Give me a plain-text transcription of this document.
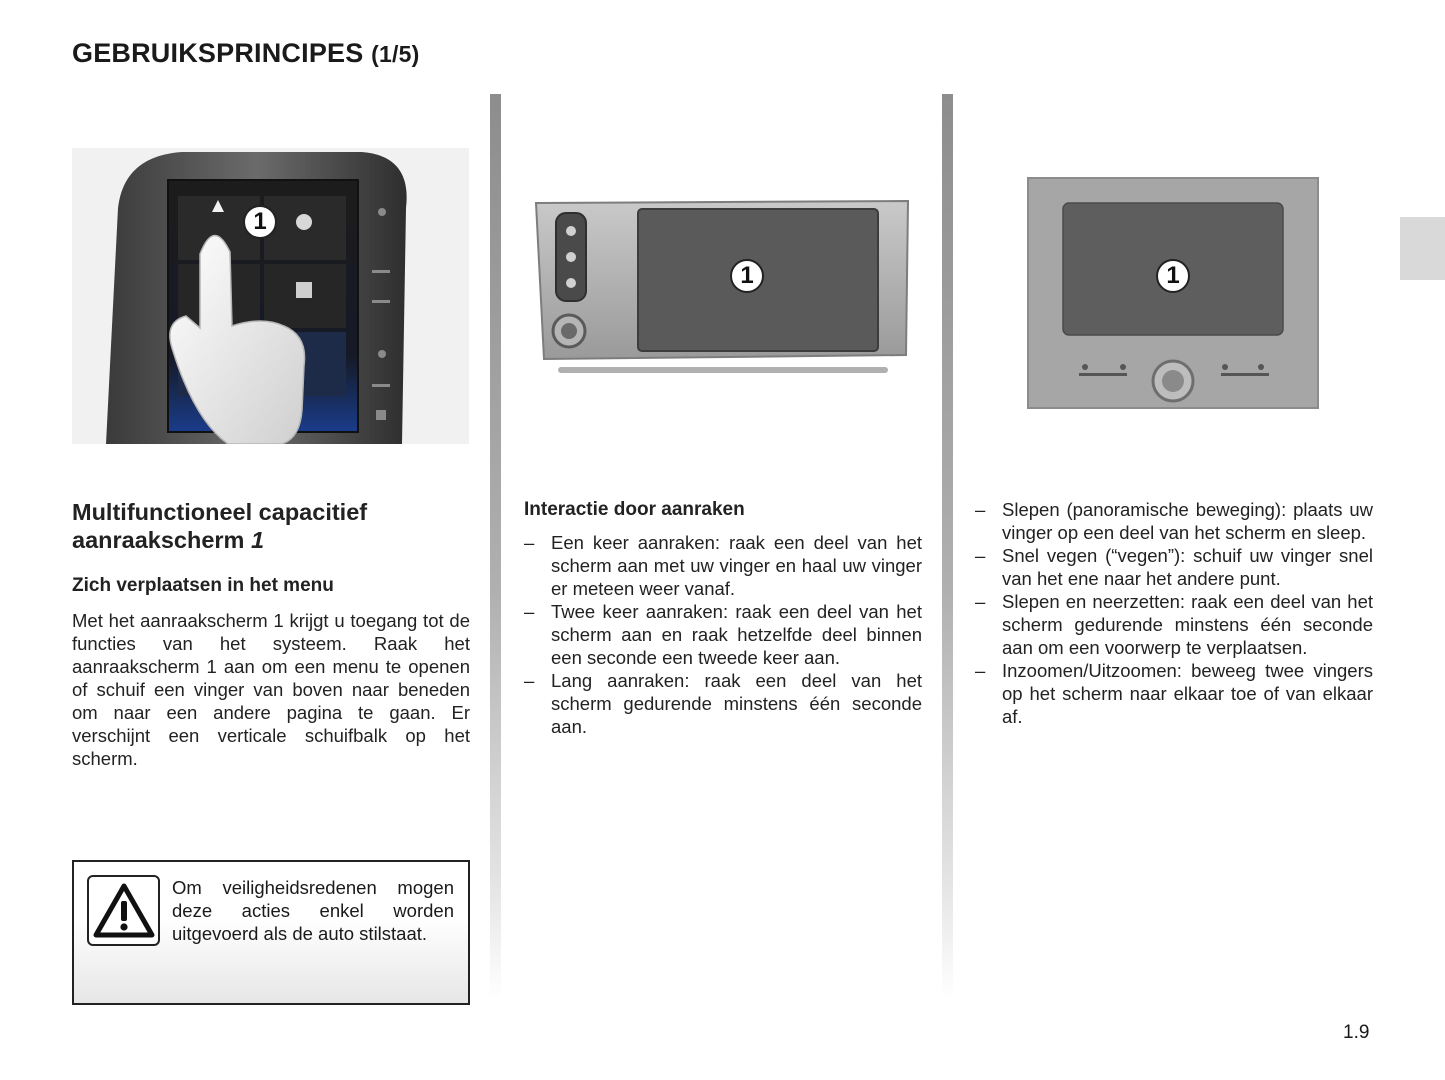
GEBRUIKSPRINCIPES (1/5)
1
1	1
Multifunctioneel capacitief aanraakscherm 1
Zich verplaatsen in het menu

Met het aanraakscherm 1 krijgt u toegang tot de functies van het systeem. Raak het aanraakscherm 1 aan om een menu te openen of schuif een vinger van boven naar beneden om naar een andere pagina te gaan. Er verschijnt een verticale schuifbalk op het scherm.

Interactie door aanraken
– Een keer aanraken: raak een deel van het scherm aan met uw vinger en haal uw vinger er meteen weer vanaf.
– Twee keer aanraken: raak een deel van het scherm aan en raak hetzelfde deel binnen een seconde een tweede keer aan.
– Lang aanraken: raak een deel van het scherm gedurende minstens één seconde aan.
– Slepen (panoramische beweging): plaats uw vinger op een deel van het scherm en sleep.
– Snel vegen (“vegen”): schuif uw vinger snel van het ene naar het andere punt.
– Slepen en neerzetten: raak een deel van het scherm gedurende minstens één seconde aan om een voorwerp te verplaatsen.
– Inzoomen/Uitzoomen: beweeg twee vingers op het scherm naar elkaar toe of van elkaar af.

Om veiligheidsredenen mogen deze acties enkel worden uitgevoerd als de auto stilstaat.

1.9
